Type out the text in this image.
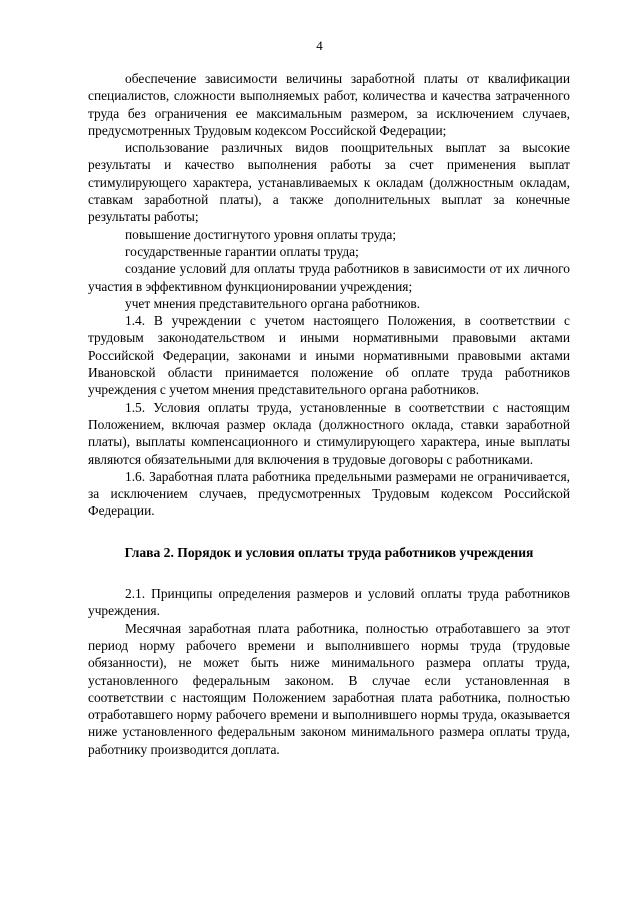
4

обеспечение зависимости величины заработной платы от квалификации специалистов, сложности выполняемых работ, количества и качества затраченного труда без ограничения ее максимальным размером, за исключением случаев, предусмотренных Трудовым кодексом Российской Федерации;

использование различных видов поощрительных выплат за высокие результаты и качество выполнения работы за счет применения выплат стимулирующего характера, устанавливаемых к окладам (должностным окладам, ставкам заработной платы), а также дополнительных выплат за конечные результаты работы;

повышение достигнутого уровня оплаты труда;

государственные гарантии оплаты труда;

создание условий для оплаты труда работников в зависимости от их личного участия в эффективном функционировании учреждения;

учет мнения представительного органа работников.

1.4. В учреждении с учетом настоящего Положения, в соответствии с трудовым законодательством и иными нормативными правовыми актами Российской Федерации, законами и иными нормативными правовыми актами Ивановской области принимается положение об оплате труда работников учреждения с учетом мнения представительного органа работников.

1.5. Условия оплаты труда, установленные в соответствии с настоящим Положением, включая размер оклада (должностного оклада, ставки заработной платы), выплаты компенсационного и стимулирующего характера, иные выплаты являются обязательными для включения в трудовые договоры с работниками.

1.6. Заработная плата работника предельными размерами не ограничивается, за исключением случаев, предусмотренных Трудовым кодексом Российской Федерации.

Глава 2. Порядок и условия оплаты труда работников учреждения

2.1. Принципы определения размеров и условий оплаты труда работников учреждения.

Месячная заработная плата работника, полностью отработавшего за этот период норму рабочего времени и выполнившего нормы труда (трудовые обязанности), не может быть ниже минимального размера оплаты труда, установленного федеральным законом. В случае если установленная в соответствии с настоящим Положением заработная плата работника, полностью отработавшего норму рабочего времени и выполнившего нормы труда, оказывается ниже установленного федеральным законом минимального размера оплаты труда, работнику производится доплата.
